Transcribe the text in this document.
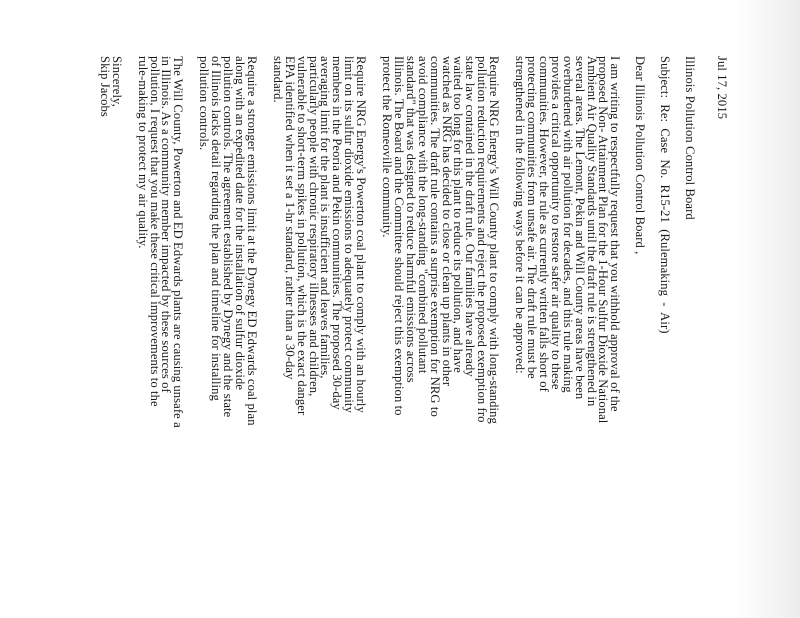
Jul 17, 2015
Illinois Pollution Control Board
Subject: Re: Case No. R15-21 (Rulemaking - Air)
Dear Illinois Pollution Control Board ,

I am writing to respectfully request that you withhold approval of the
proposed Non- Attainment Plan for the 1-Hour Sulfur Dioxide National
Ambient Air Quality Standards until the draft rule is strengthened in
several areas. The Lemont, Pekin and Will County areas have been
overburdened with air pollution for decades, and this rule making
provides a critical opportunity to restore safer air quality to these
communities. However, the rule as currently written falls short of
protecting communities from unsafe air. The draft rule must be
strengthened in the following ways before it can be approved:

Require NRG Energy's Will County plant to comply with long-standing
pollution reduction requirements and reject the proposed exemption fro
state law contained in the draft rule. Our families have already
waited too long for this plant to reduce its pollution, and have
watched as NRG has decided to close or clean up plants in other
communities. The draft rule contains a surprise exemption for NRG to
avoid compliance with the long-standing "combined pollutant
standard" that was designed to reduce harmful emissions across
Illinois. The Board and the Committee should reject this exemption to
protect the Romeoville community.

Require NRG Energy's Powerton coal plant to comply with an hourly
limit on its sulfur dioxide emissions to adequately protect community
members in the Peoria and Pekin communities. The proposed 30-day
averaging limit for the plant is insufficient and leaves families,
particularly people with chronic respiratory illnesses and children,
vulnerable to short-term spikes in pollution, which is the exact danger
EPA identified when it set a 1-hr standard, rather than a 30-day
standard.

Require a stronger emissions limit at the Dynegy ED Edwards coal plan
along with an expedited date for the installation of sulfur dioxide
pollution controls. The agreement established by Dynegy and the state
of Illinois lacks detail regarding the plan and timeline for installing
pollution controls.

The Will County, Powerton and ED Edwards plants are causing unsafe a
in Illinois. As a community member impacted by these sources of
pollution, I request that you make these critical improvements to the
rule-making to protect my air quality.

Sincerely,
Skip Jacobs
